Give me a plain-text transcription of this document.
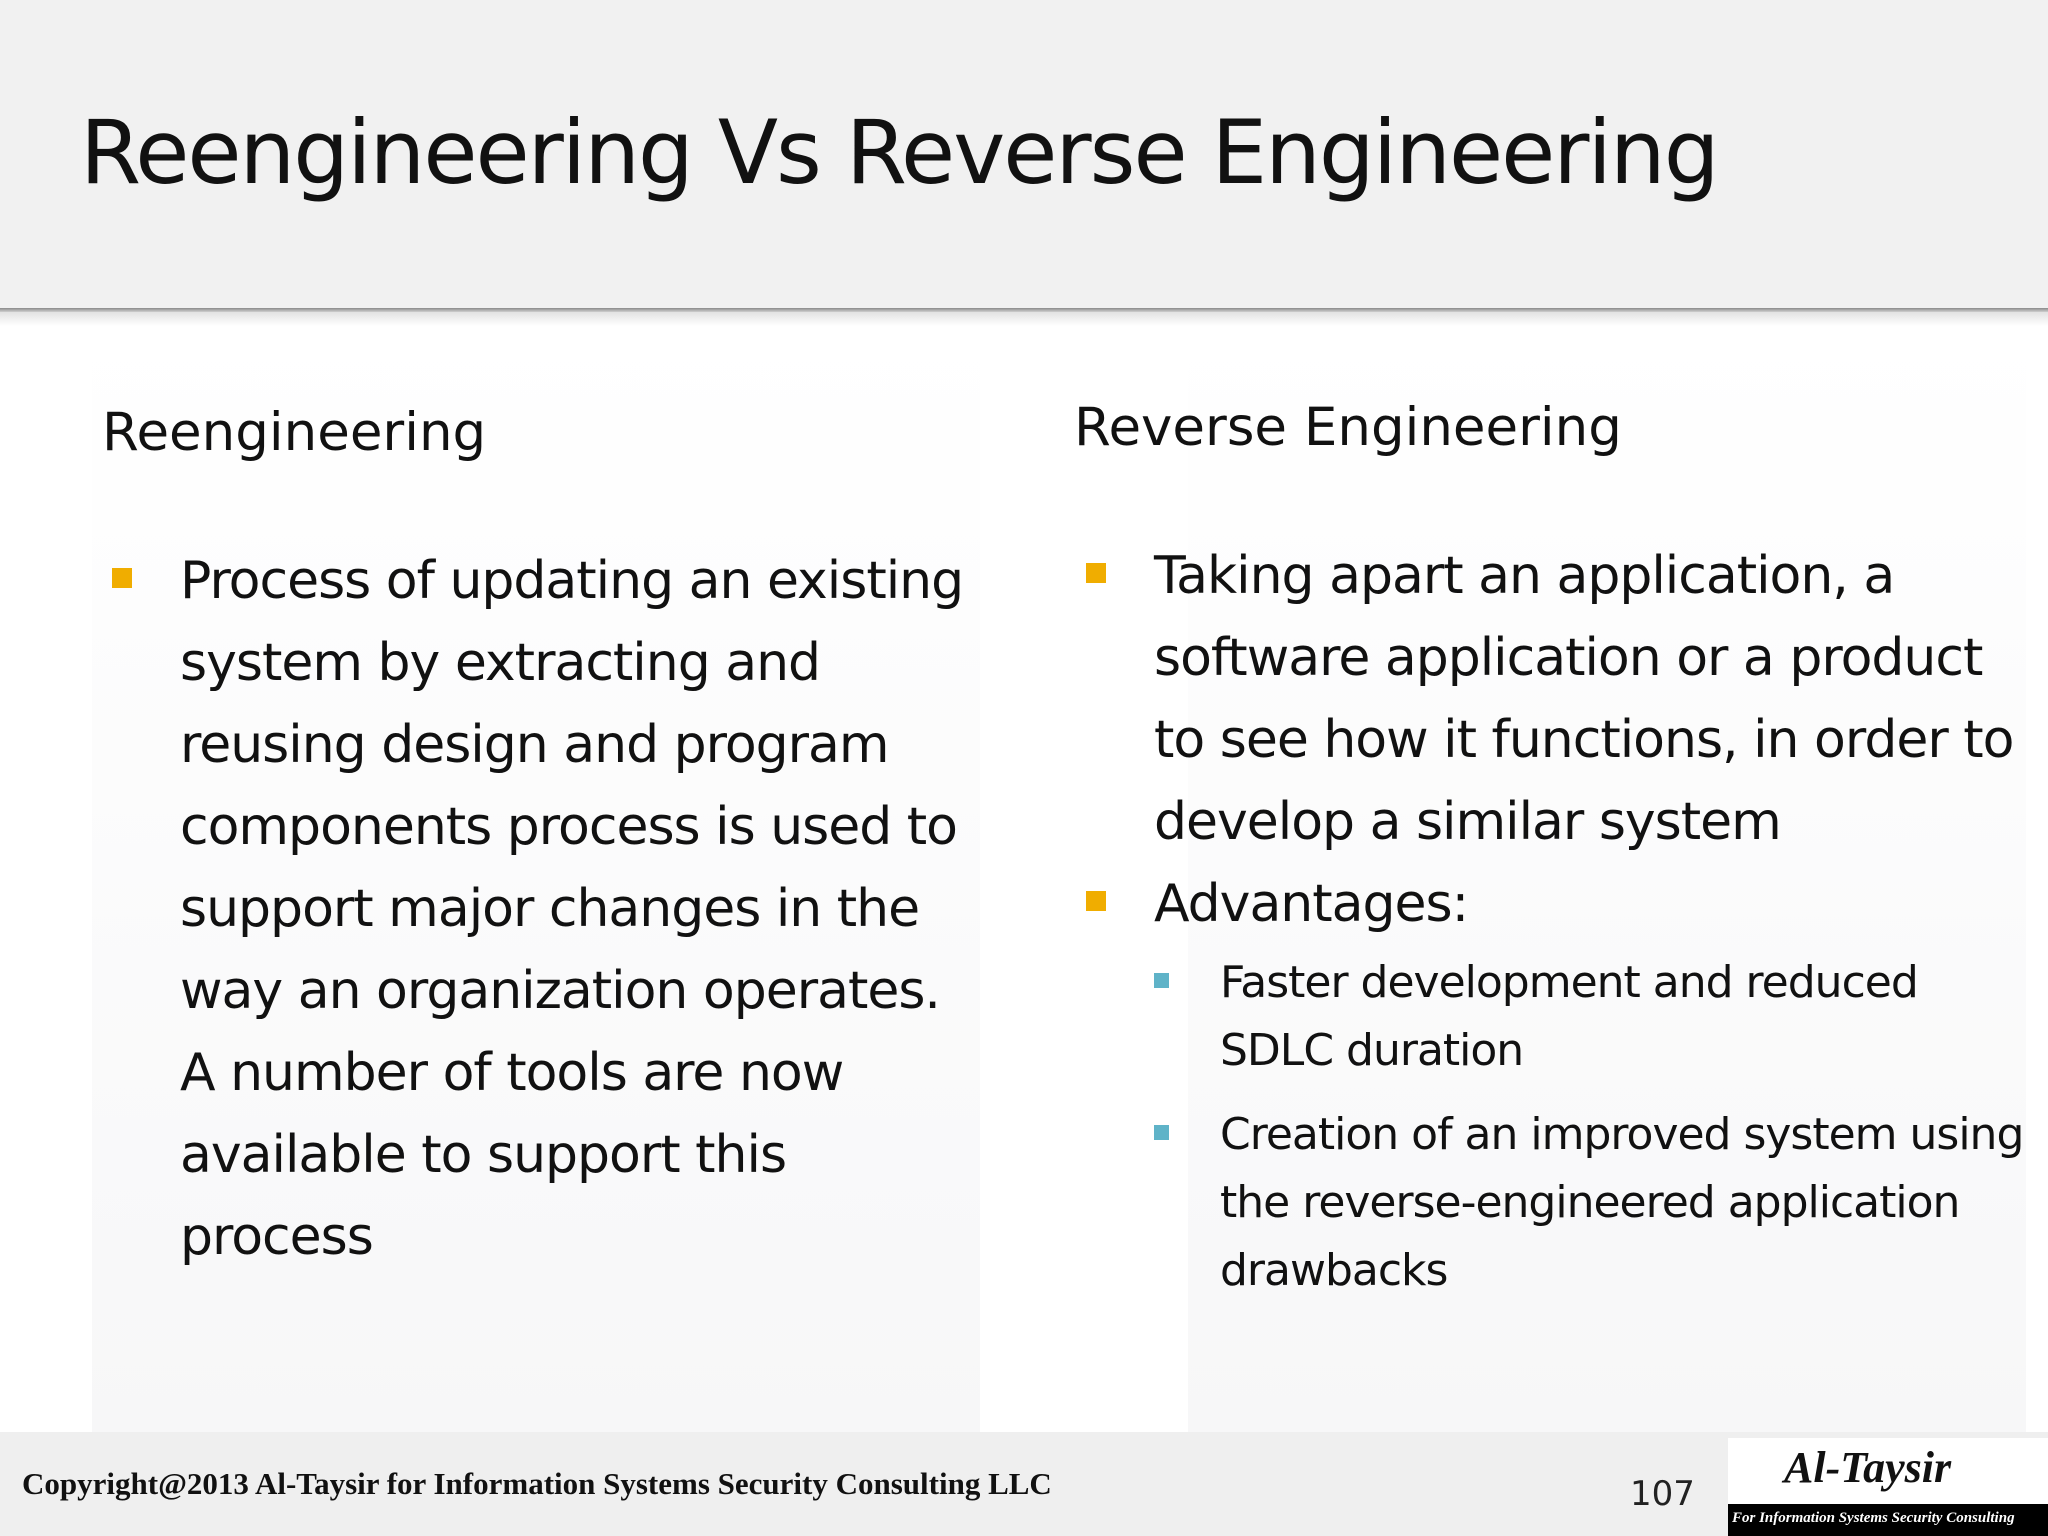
Reengineering Vs Reverse Engineering
Reengineering
Process of updating an existing system by extracting and reusing design and program components process is used to support major changes in the way an organization operates. A number of tools are now available to support this process
Reverse Engineering
Taking apart an application, a software application or a product to see how it functions, in order to develop a similar system
Advantages:
Faster development and reduced SDLC duration
Creation of an improved system using the reverse-engineered application drawbacks
Copyright@2013 Al-Taysir for Information Systems Security Consulting LLC	107
Al-Taysir
For Information Systems Security Consulting
